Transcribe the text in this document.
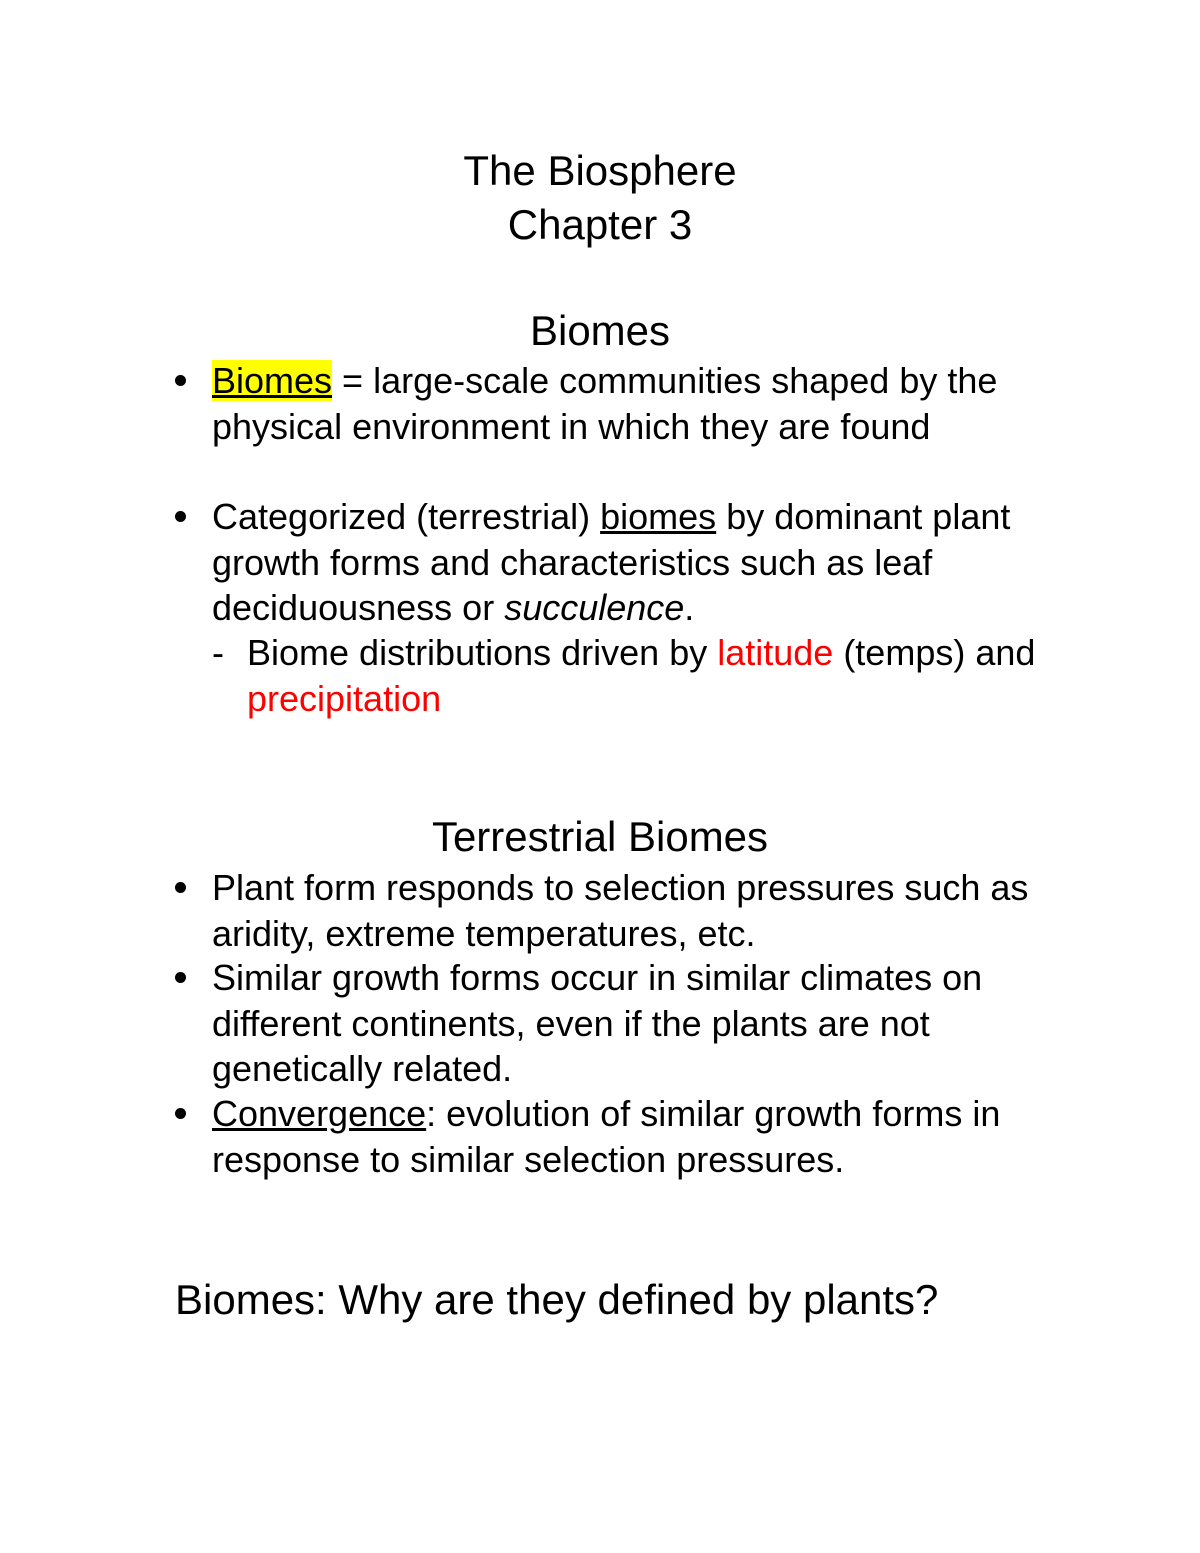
The Biosphere
Chapter 3
Biomes
Biomes = large-scale communities shaped by the physical environment in which they are found
Categorized (terrestrial) biomes by dominant plant growth forms and characteristics such as leaf deciduousness or succulence.
- Biome distributions driven by latitude (temps) and precipitation
Terrestrial Biomes
Plant form responds to selection pressures such as aridity, extreme temperatures, etc.
Similar growth forms occur in similar climates on different continents, even if the plants are not genetically related.
Convergence: evolution of similar growth forms in response to similar selection pressures.
Biomes: Why are they defined by plants?
